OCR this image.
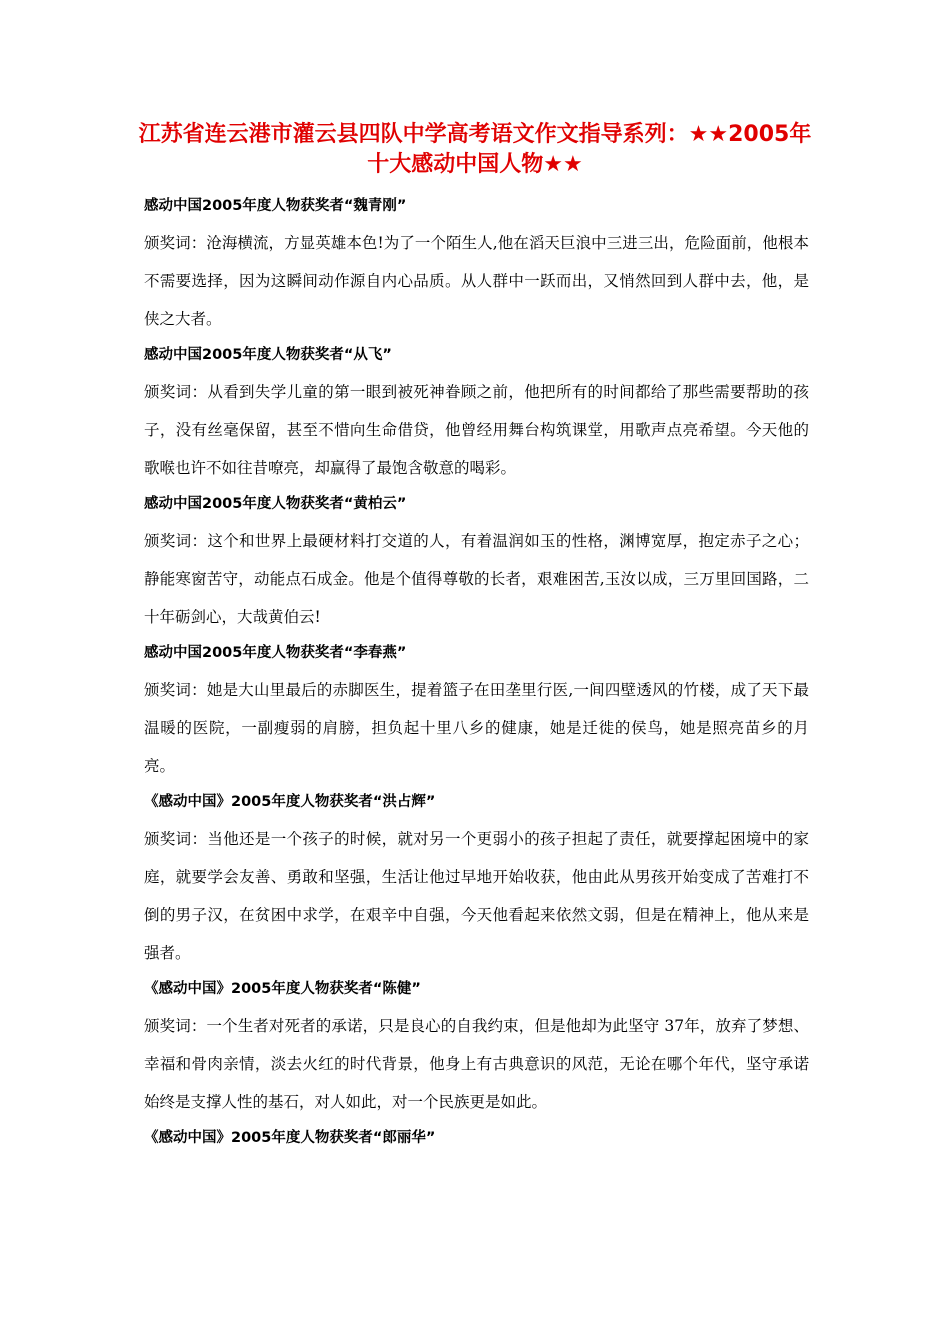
江苏省连云港市灌云县四队中学高考语文作文指导系列：★★2005年十大感动中国人物★★
感动中国2005年度人物获奖者“魏青刚”
颁奖词：沧海横流，方显英雄本色!为了一个陌生人,他在滔天巨浪中三进三出，危险面前，他根本不需要选择，因为这瞬间动作源自内心品质。从人群中一跃而出，又悄然回到人群中去，他，是侠之大者。
感动中国2005年度人物获奖者“从飞”
颁奖词：从看到失学儿童的第一眼到被死神眷顾之前，他把所有的时间都给了那些需要帮助的孩子，没有丝毫保留，甚至不惜向生命借贷，他曾经用舞台构筑课堂，用歌声点亮希望。今天他的歌喉也许不如往昔嘹亮，却赢得了最饱含敬意的喝彩。
感动中国2005年度人物获奖者“黄柏云”
颁奖词：这个和世界上最硬材料打交道的人，有着温润如玉的性格，渊博宽厚，抱定赤子之心；静能寒窗苦守，动能点石成金。他是个值得尊敬的长者，艰难困苦,玉汝以成，三万里回国路，二十年砺剑心，大哉黄伯云!
感动中国2005年度人物获奖者“李春燕”
颁奖词：她是大山里最后的赤脚医生，提着篮子在田垄里行医,一间四壁透风的竹楼，成了天下最温暖的医院，一副瘦弱的肩膀，担负起十里八乡的健康，她是迁徙的侯鸟，她是照亮苗乡的月亮。
《感动中国》2005年度人物获奖者“洪占辉”
颁奖词：当他还是一个孩子的时候，就对另一个更弱小的孩子担起了责任，就要撑起困境中的家庭，就要学会友善、勇敢和坚强，生活让他过早地开始收获，他由此从男孩开始变成了苦难打不倒的男子汉，在贫困中求学，在艰辛中自强，今天他看起来依然文弱，但是在精神上，他从来是强者。
《感动中国》2005年度人物获奖者“陈健”
颁奖词：一个生者对死者的承诺，只是良心的自我约束，但是他却为此坚守 37年，放弃了梦想、幸福和骨肉亲情，淡去火红的时代背景，他身上有古典意识的风范，无论在哪个年代，坚守承诺始终是支撑人性的基石，对人如此，对一个民族更是如此。
《感动中国》2005年度人物获奖者“郎丽华”
